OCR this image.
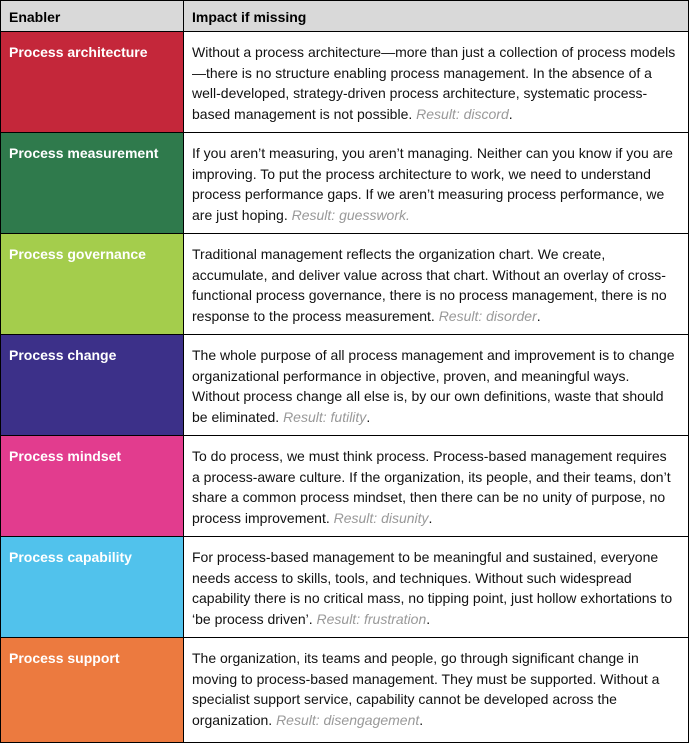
Enabler	Impact if missing
Process architecture	Without a process architecture—more than just a collection of process models—there is no structure enabling process management. In the absence of a well-developed, strategy-driven process architecture, systematic process-based management is not possible. Result: discord.
Process measurement	If you aren’t measuring, you aren’t managing. Neither can you know if you are improving. To put the process architecture to work, we need to understand process performance gaps. If we aren’t measuring process performance, we are just hoping. Result: guesswork.
Process governance	Traditional management reflects the organization chart. We create, accumulate, and deliver value across that chart. Without an overlay of cross-functional process governance, there is no process management, there is no response to the process measurement. Result: disorder.
Process change	The whole purpose of all process management and improvement is to change organizational performance in objective, proven, and meaningful ways. Without process change all else is, by our own definitions, waste that should be eliminated. Result: futility.
Process mindset	To do process, we must think process. Process-based management requires a process-aware culture. If the organization, its people, and their teams, don’t share a common process mindset, then there can be no unity of purpose, no process improvement. Result: disunity.
Process capability	For process-based management to be meaningful and sustained, everyone needs access to skills, tools, and techniques. Without such widespread capability there is no critical mass, no tipping point, just hollow exhortations to ‘be process driven’. Result: frustration.
Process support	The organization, its teams and people, go through significant change in moving to process-based management. They must be supported. Without a specialist support service, capability cannot be developed across the organization. Result: disengagement.
